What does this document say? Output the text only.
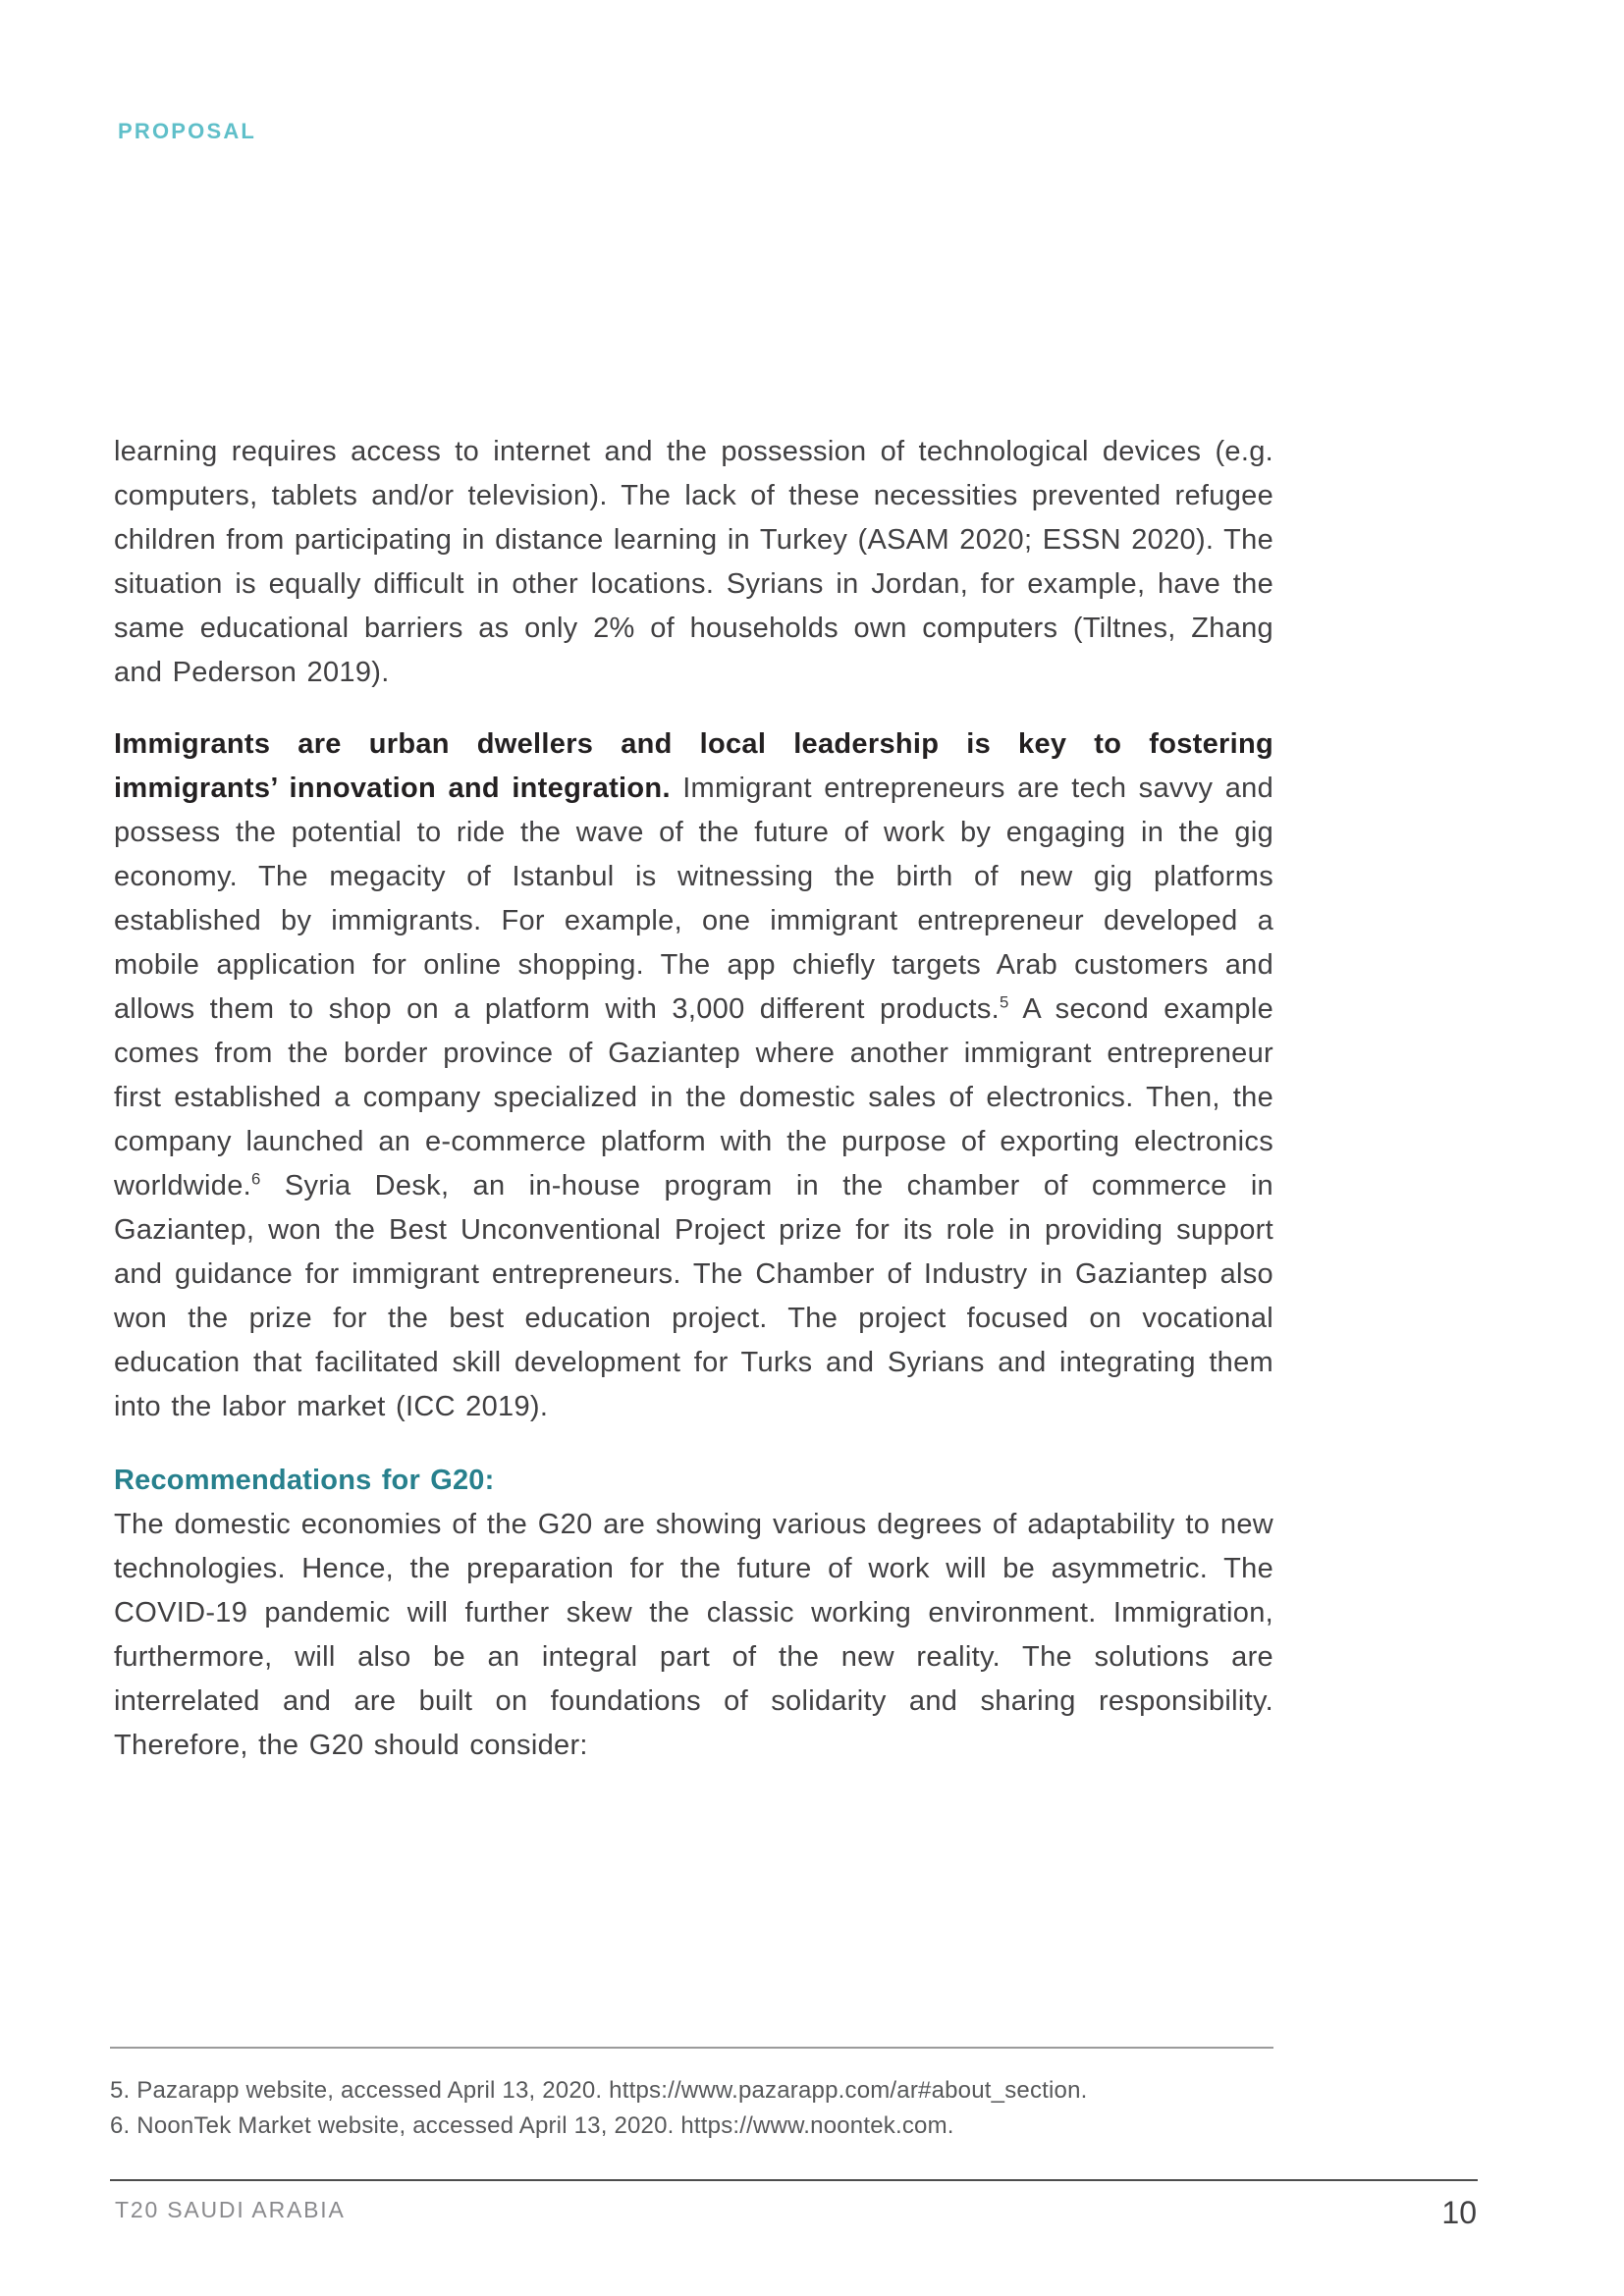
PROPOSAL

learning requires access to internet and the possession of technological devices (e.g. computers, tablets and/or television). The lack of these necessities prevented refugee children from participating in distance learning in Turkey (ASAM 2020; ESSN 2020). The situation is equally difficult in other locations. Syrians in Jordan, for example, have the same educational barriers as only 2% of households own computers (Tiltnes, Zhang and Pederson 2019).

Immigrants are urban dwellers and local leadership is key to fostering immigrants’ innovation and integration. Immigrant entrepreneurs are tech savvy and possess the potential to ride the wave of the future of work by engaging in the gig economy. The megacity of Istanbul is witnessing the birth of new gig platforms established by immigrants. For example, one immigrant entrepreneur developed a mobile application for online shopping. The app chiefly targets Arab customers and allows them to shop on a platform with 3,000 different products.$^5$ A second example comes from the border province of Gaziantep where another immigrant entrepreneur first established a company specialized in the domestic sales of electronics. Then, the company launched an e-commerce platform with the purpose of exporting electronics worldwide.$^6$ Syria Desk, an in-house program in the chamber of commerce in Gaziantep, won the Best Unconventional Project prize for its role in providing support and guidance for immigrant entrepreneurs. The Chamber of Industry in Gaziantep also won the prize for the best education project. The project focused on vocational education that facilitated skill development for Turks and Syrians and integrating them into the labor market (ICC 2019).

Recommendations for G20:
The domestic economies of the G20 are showing various degrees of adaptability to new technologies. Hence, the preparation for the future of work will be asymmetric. The COVID-19 pandemic will further skew the classic working environment. Immigration, furthermore, will also be an integral part of the new reality. The solutions are interrelated and are built on foundations of solidarity and sharing responsibility. Therefore, the G20 should consider:
5. Pazarapp website, accessed April 13, 2020. https://www.pazarapp.com/ar#about_section.
6. NoonTek Market website, accessed April 13, 2020. https://www.noontek.com.
T20 SAUDI ARABIA	10
